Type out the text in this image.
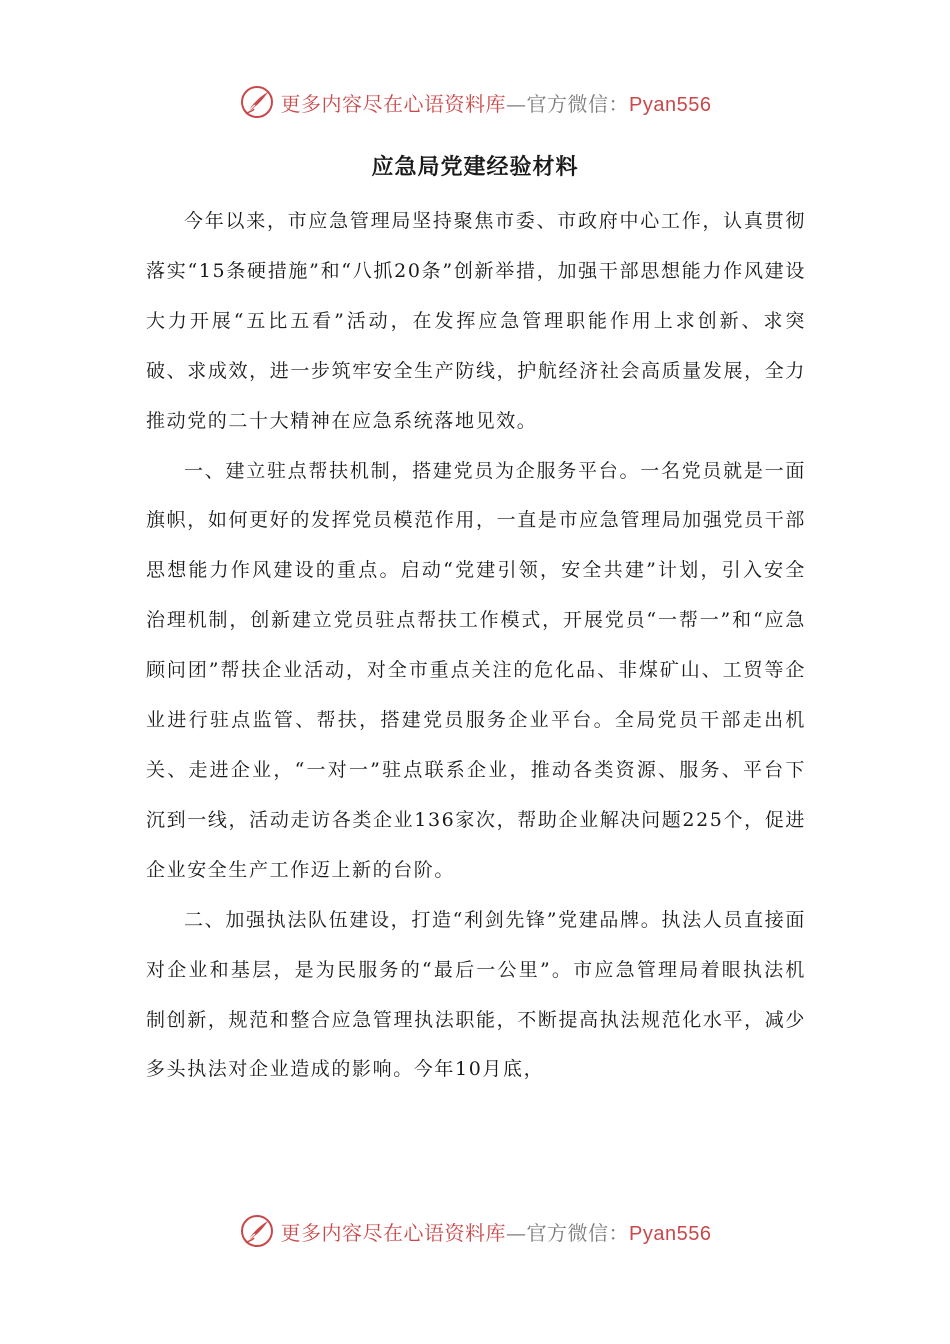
更多内容尽在心语资料库—官方微信：Pyan556
应急局党建经验材料

今年以来，市应急管理局坚持聚焦市委、市政府中心工作，认真贯彻落实“15条硬措施”和“八抓20条”创新举措，加强干部思想能力作风建设大力开展“五比五看”活动，在发挥应急管理职能作用上求创新、求突破、求成效，进一步筑牢安全生产防线，护航经济社会高质量发展，全力推动党的二十大精神在应急系统落地见效。

一、建立驻点帮扶机制，搭建党员为企服务平台。一名党员就是一面旗帜，如何更好的发挥党员模范作用，一直是市应急管理局加强党员干部思想能力作风建设的重点。启动“党建引领，安全共建”计划，引入安全治理机制，创新建立党员驻点帮扶工作模式，开展党员“一帮一”和“应急顾问团”帮扶企业活动，对全市重点关注的危化品、非煤矿山、工贸等企业进行驻点监管、帮扶，搭建党员服务企业平台。全局党员干部走出机关、走进企业，“一对一”驻点联系企业，推动各类资源、服务、平台下沉到一线，活动走访各类企业136家次，帮助企业解决问题225个，促进企业安全生产工作迈上新的台阶。

二、加强执法队伍建设，打造“利剑先锋”党建品牌。执法人员直接面对企业和基层，是为民服务的“最后一公里”。市应急管理局着眼执法机制创新，规范和整合应急管理执法职能，不断提高执法规范化水平，减少多头执法对企业造成的影响。今年10月底，

更多内容尽在心语资料库—官方微信：Pyan556
